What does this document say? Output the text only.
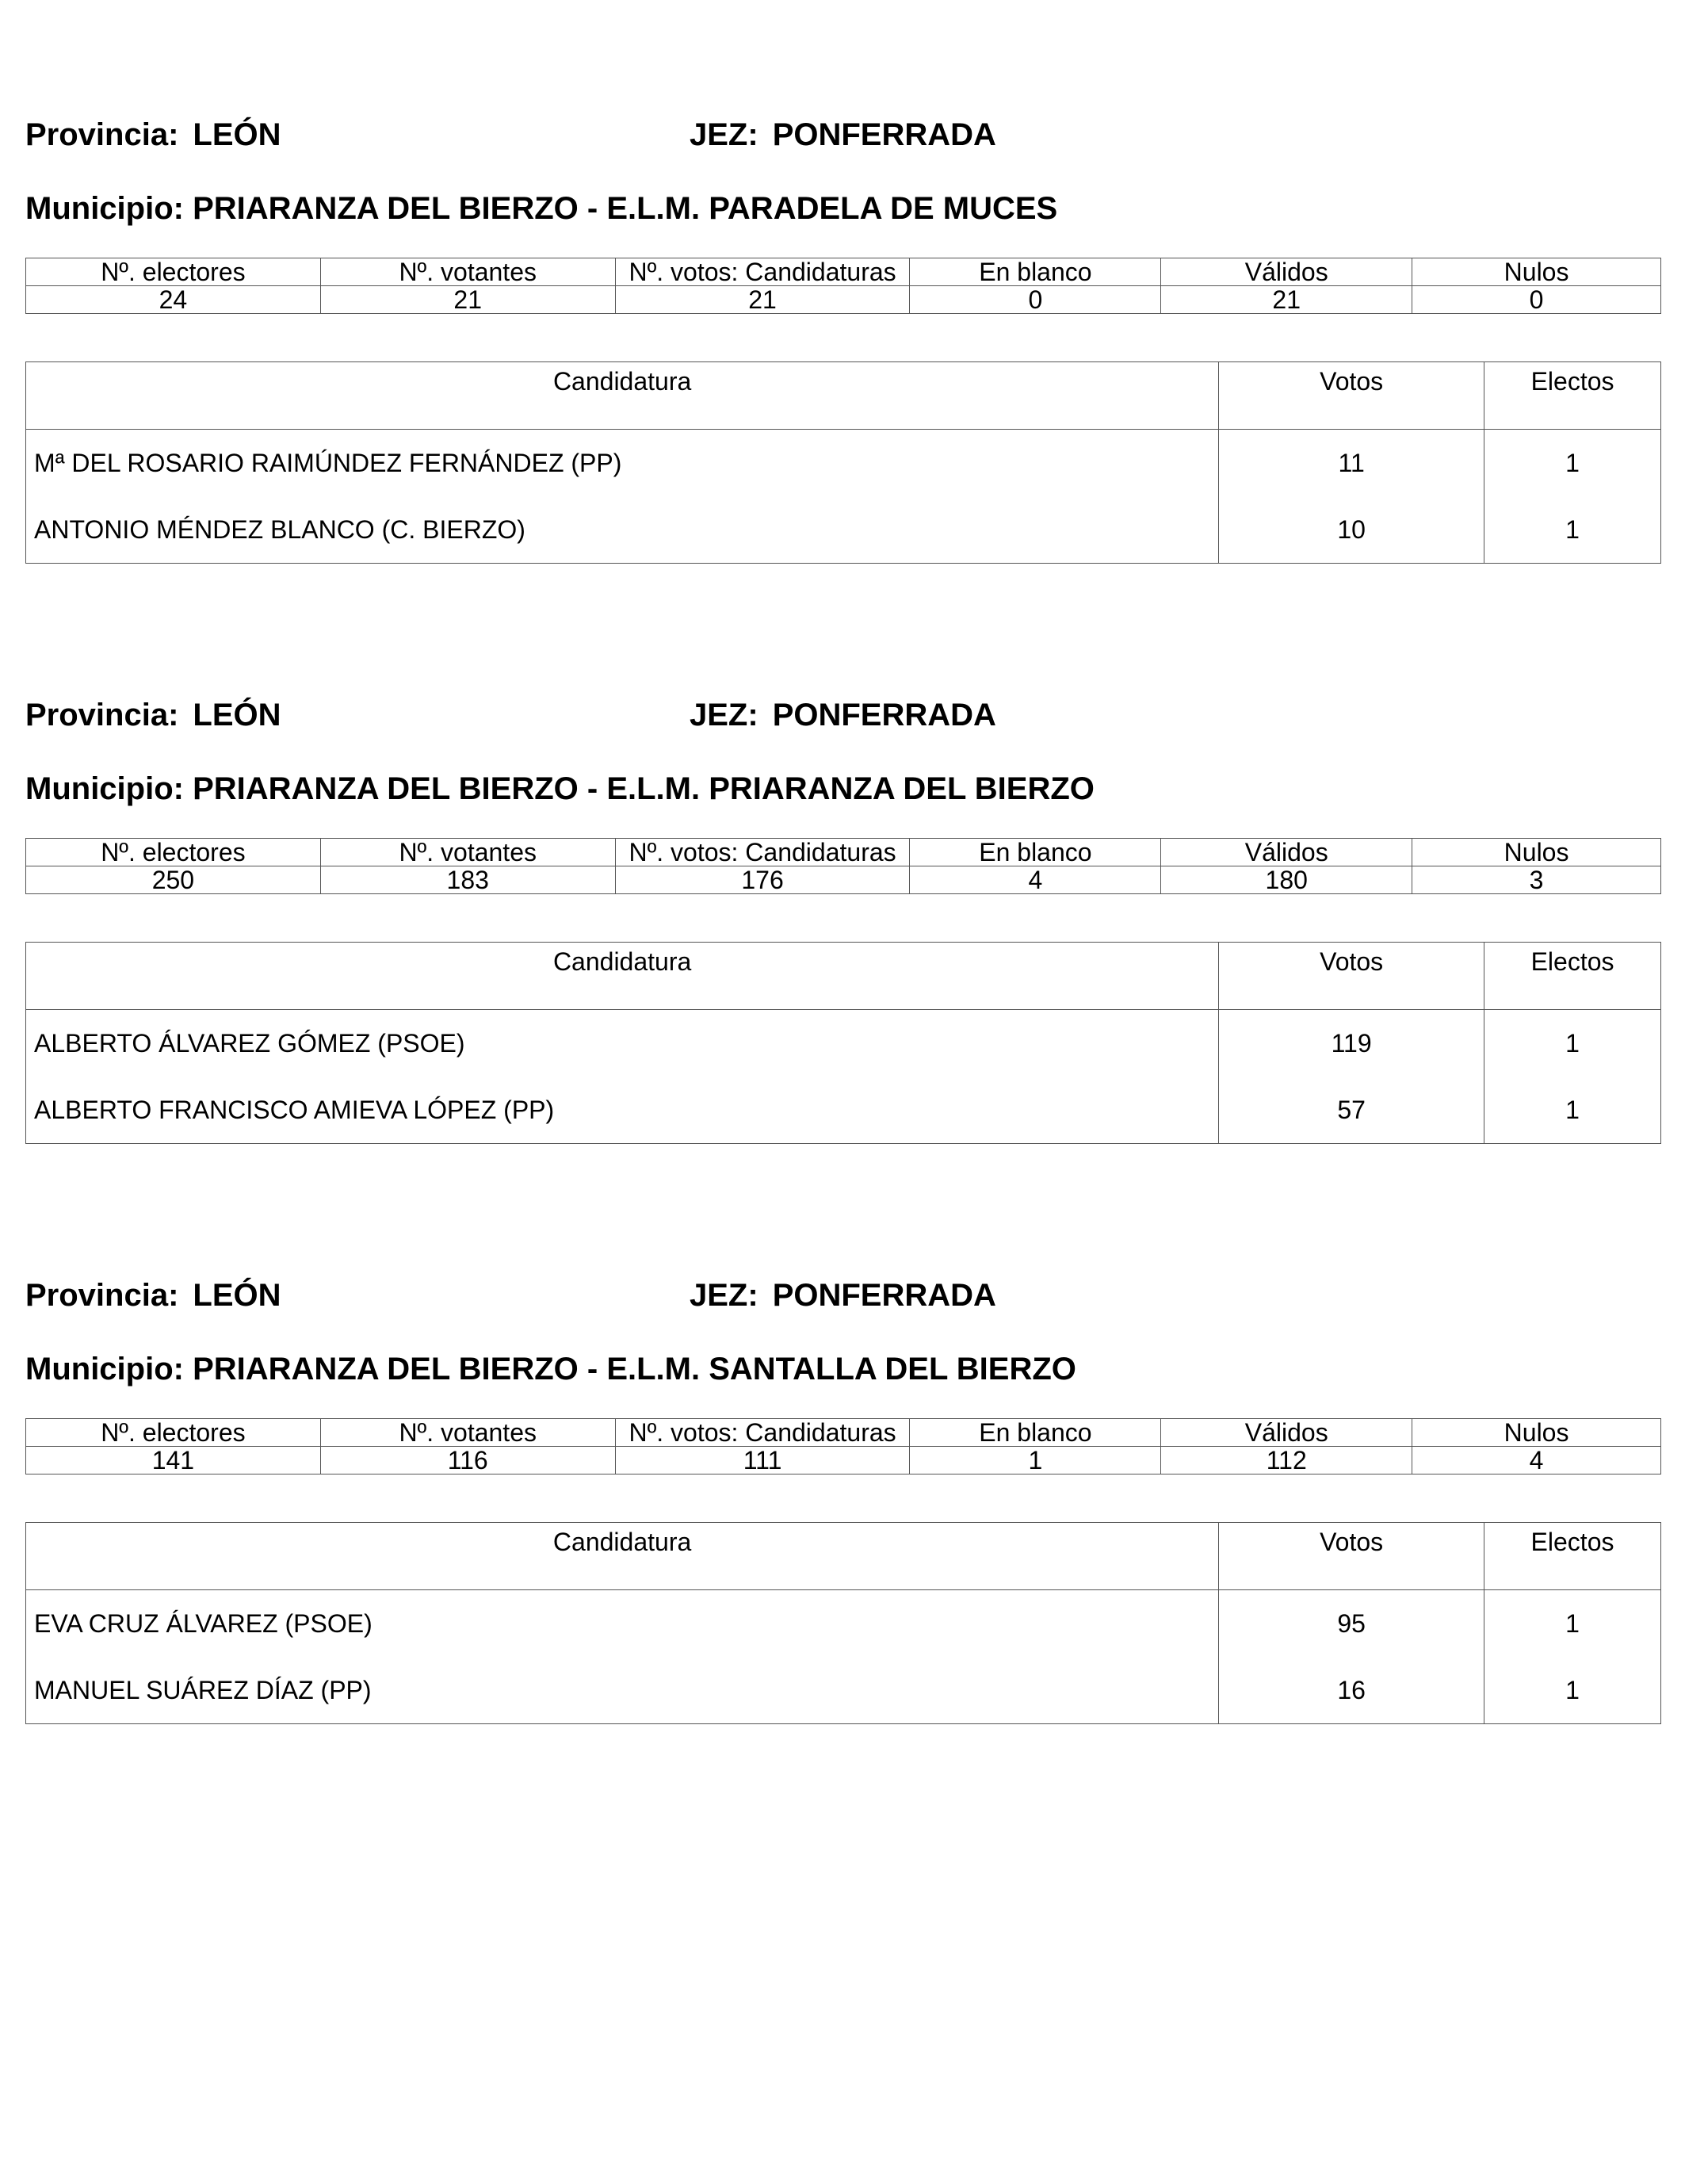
Provincia: LEÓN	JEZ: PONFERRADA
Municipio: PRIARANZA DEL BIERZO - E.L.M. PARADELA DE MUCES
Nº. electores	Nº. votantes	Nº. votos: Candidaturas	En blanco	Válidos	Nulos
24	21	21	0	21	0
Candidatura	Votos	Electos
Mª DEL ROSARIO RAIMÚNDEZ FERNÁNDEZ (PP)	11	1
ANTONIO MÉNDEZ BLANCO (C. BIERZO)	10	1
Provincia: LEÓN	JEZ: PONFERRADA
Municipio: PRIARANZA DEL BIERZO - E.L.M. PRIARANZA DEL BIERZO
Nº. electores	Nº. votantes	Nº. votos: Candidaturas	En blanco	Válidos	Nulos
250	183	176	4	180	3
Candidatura	Votos	Electos
ALBERTO ÁLVAREZ GÓMEZ (PSOE)	119	1
ALBERTO FRANCISCO AMIEVA LÓPEZ (PP)	57	1
Provincia: LEÓN	JEZ: PONFERRADA
Municipio: PRIARANZA DEL BIERZO - E.L.M. SANTALLA DEL BIERZO
Nº. electores	Nº. votantes	Nº. votos: Candidaturas	En blanco	Válidos	Nulos
141	116	111	1	112	4
Candidatura	Votos	Electos
EVA CRUZ ÁLVAREZ (PSOE)	95	1
MANUEL SUÁREZ DÍAZ (PP)	16	1
